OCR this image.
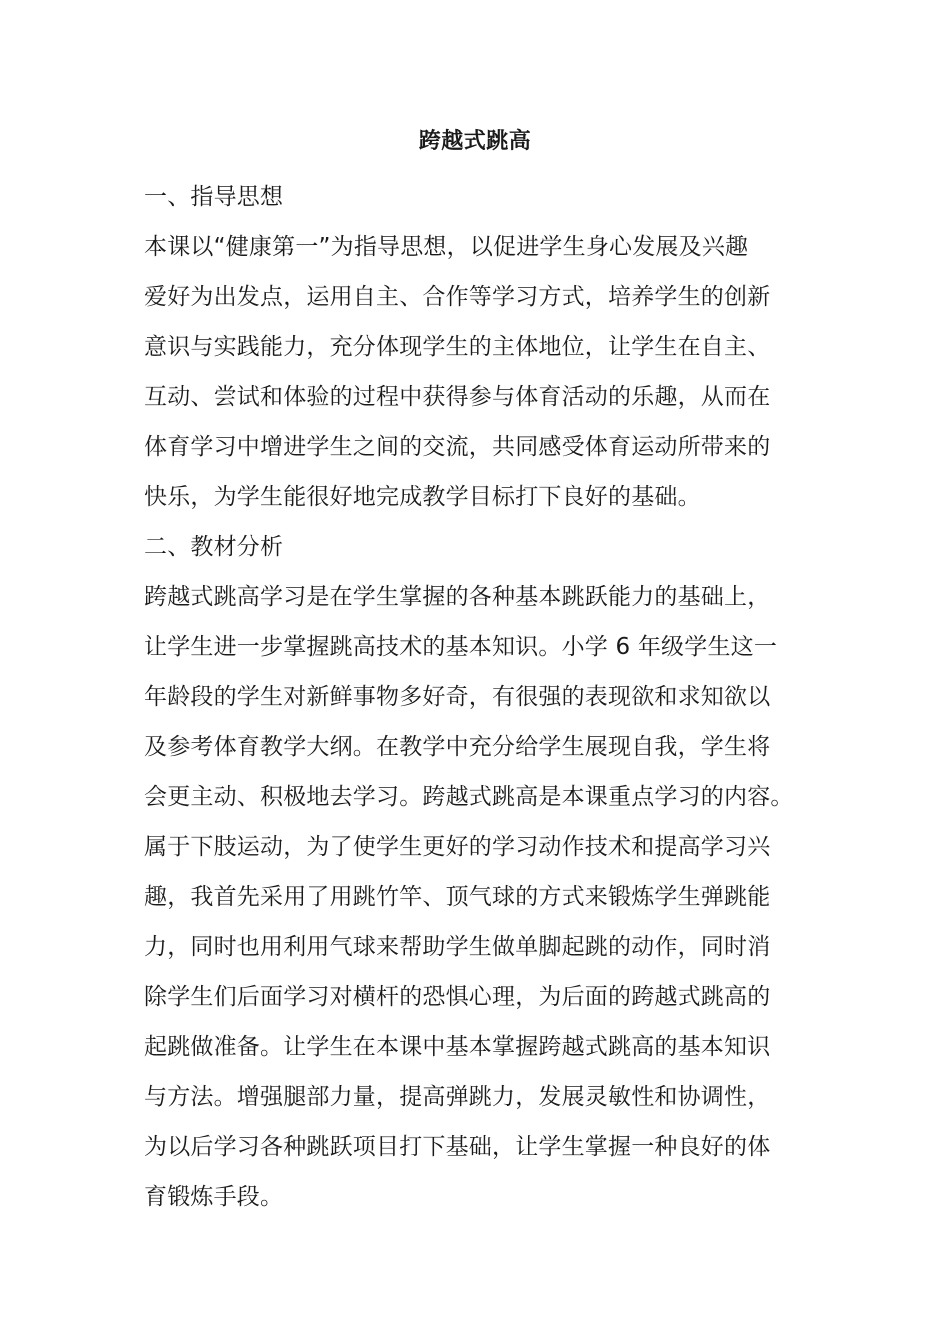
跨越式跳高
一、指导思想
本课以“健康第一”为指导思想，以促进学生身心发展及兴趣
爱好为出发点，运用自主、合作等学习方式，培养学生的创新
意识与实践能力，充分体现学生的主体地位，让学生在自主、
互动、尝试和体验的过程中获得参与体育活动的乐趣，从而在
体育学习中增进学生之间的交流，共同感受体育运动所带来的
快乐，为学生能很好地完成教学目标打下良好的基础。
二、教材分析
跨越式跳高学习是在学生掌握的各种基本跳跃能力的基础上，
让学生进一步掌握跳高技术的基本知识。小学 6 年级学生这一
年龄段的学生对新鲜事物多好奇，有很强的表现欲和求知欲以
及参考体育教学大纲。在教学中充分给学生展现自我，学生将
会更主动、积极地去学习。跨越式跳高是本课重点学习的内容。
属于下肢运动，为了使学生更好的学习动作技术和提高学习兴
趣，我首先采用了用跳竹竿、顶气球的方式来锻炼学生弹跳能
力，同时也用利用气球来帮助学生做单脚起跳的动作，同时消
除学生们后面学习对横杆的恐惧心理，为后面的跨越式跳高的
起跳做准备。让学生在本课中基本掌握跨越式跳高的基本知识
与方法。增强腿部力量，提高弹跳力，发展灵敏性和协调性，
为以后学习各种跳跃项目打下基础，让学生掌握一种良好的体
育锻炼手段。
